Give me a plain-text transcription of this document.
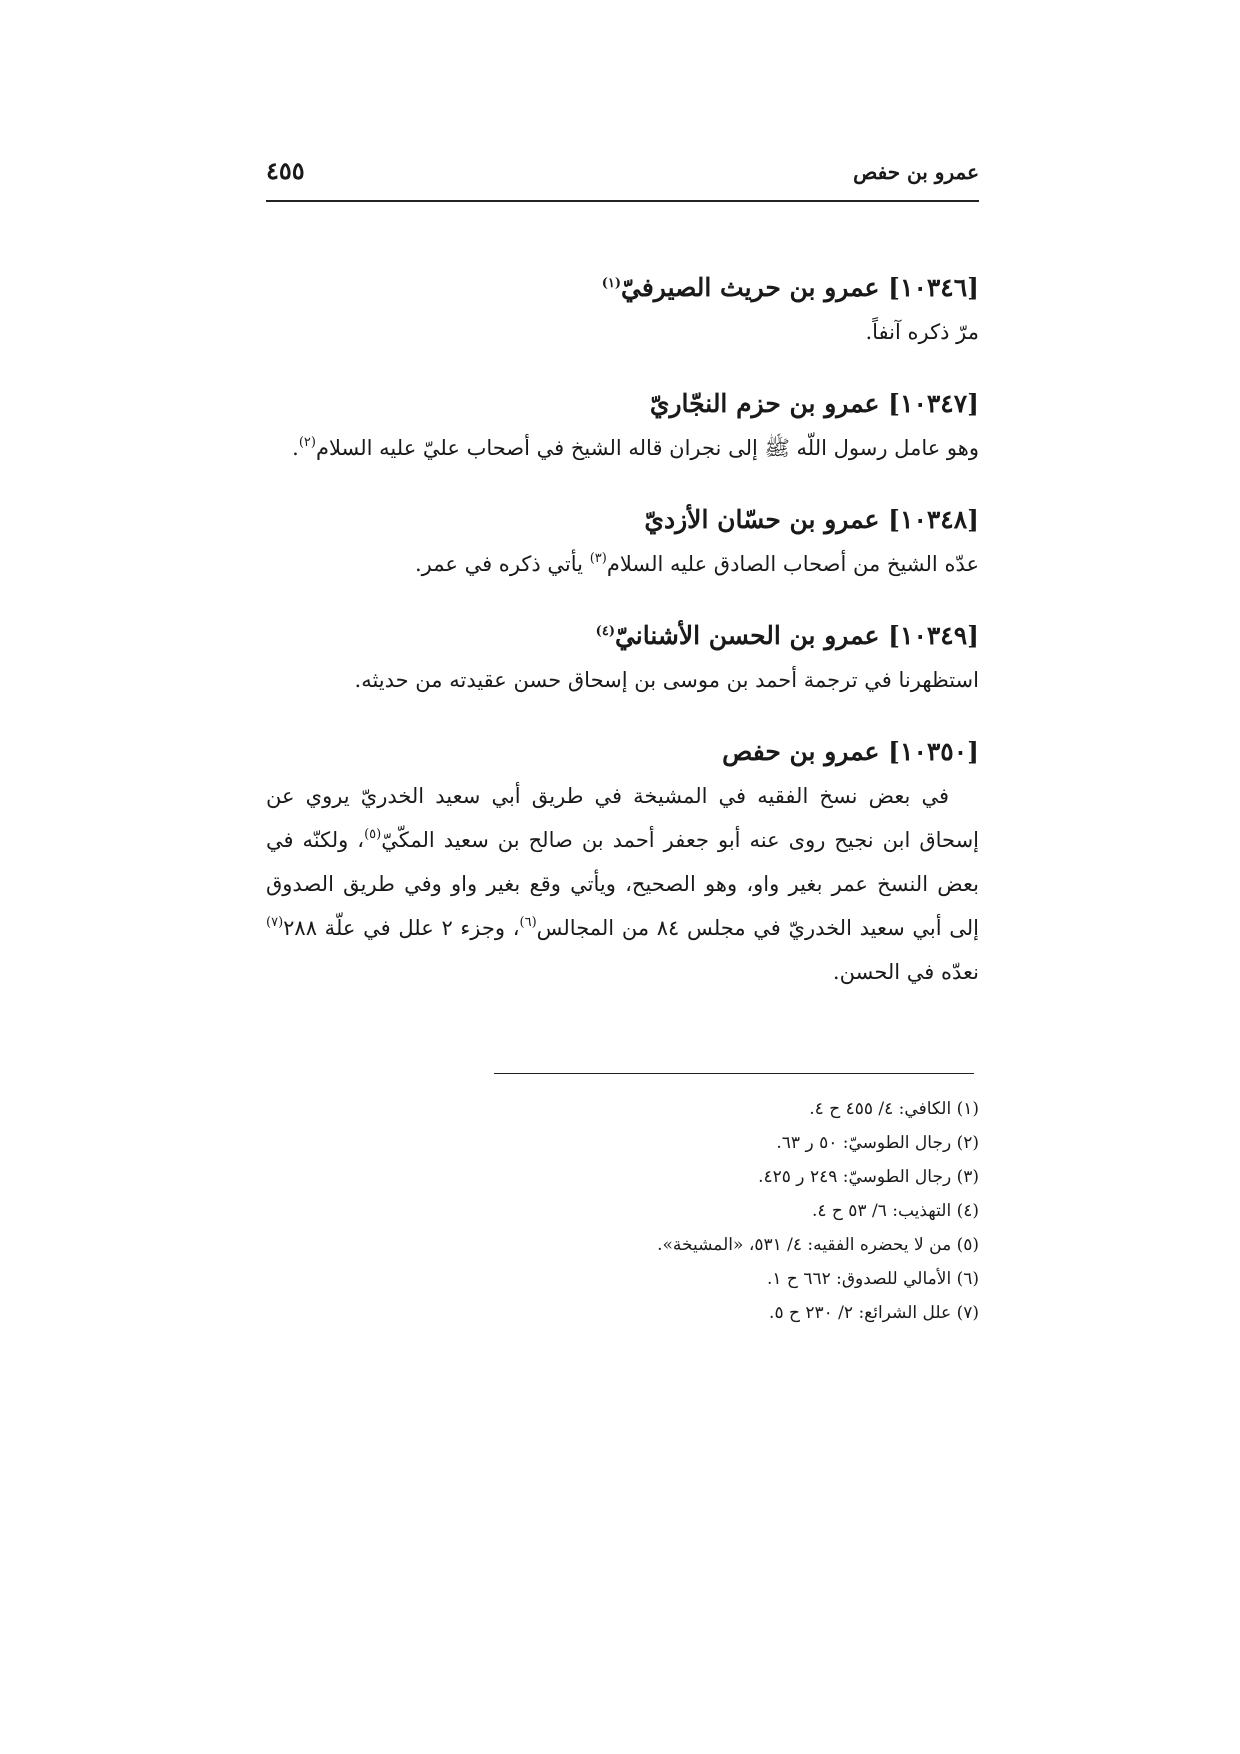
عمرو بن حفص
٤٥٥
[١٠٣٤٦] عمرو بن حريث الصيرفيّ$^{(١)}$
مرّ ذكره آنفاً.
[١٠٣٤٧] عمرو بن حزم النجّاريّ
وهو عامل رسول اللّه ﷺ إلى نجران قاله الشيخ في أصحاب عليّ عليه السلام$^{(٢)}$.
[١٠٣٤٨] عمرو بن حسّان الأزديّ
عدّه الشيخ من أصحاب الصادق عليه السلام$^{(٣)}$ يأتي ذكره في عمر.
[١٠٣٤٩] عمرو بن الحسن الأشنانيّ$^{(٤)}$
استظهرنا في ترجمة أحمد بن موسى بن إسحاق حسن عقيدته من حديثه.
[١٠٣٥٠] عمرو بن حفص
في بعض نسخ الفقيه في المشيخة في طريق أبي سعيد الخدريّ يروي عن إسحاق ابن نجيح روى عنه أبو جعفر أحمد بن صالح بن سعيد المكّيّ$^{(٥)}$، ولكنّه في بعض النسخ عمر بغير واو، وهو الصحيح، ويأتي وقع بغير واو وفي طريق الصدوق إلى أبي سعيد الخدريّ في مجلس ٨٤ من المجالس$^{(٦)}$، وجزء ٢ علل في علّة ٢٨٨$^{(٧)}$ نعدّه في الحسن.
(١) الكافي: ٤/ ٤٥٥ ح ٤.
(٢) رجال الطوسيّ: ٥٠ ر ٦٣.
(٣) رجال الطوسيّ: ٢٤٩ ر ٤٢٥.
(٤) التهذيب: ٦/ ٥٣ ح ٤.
(٥) من لا يحضره الفقيه: ٤/ ٥٣١، «المشيخة».
(٦) الأمالي للصدوق: ٦٦٢ ح ١.
(٧) علل الشرائع: ٢/ ٢٣٠ ح ٥.
